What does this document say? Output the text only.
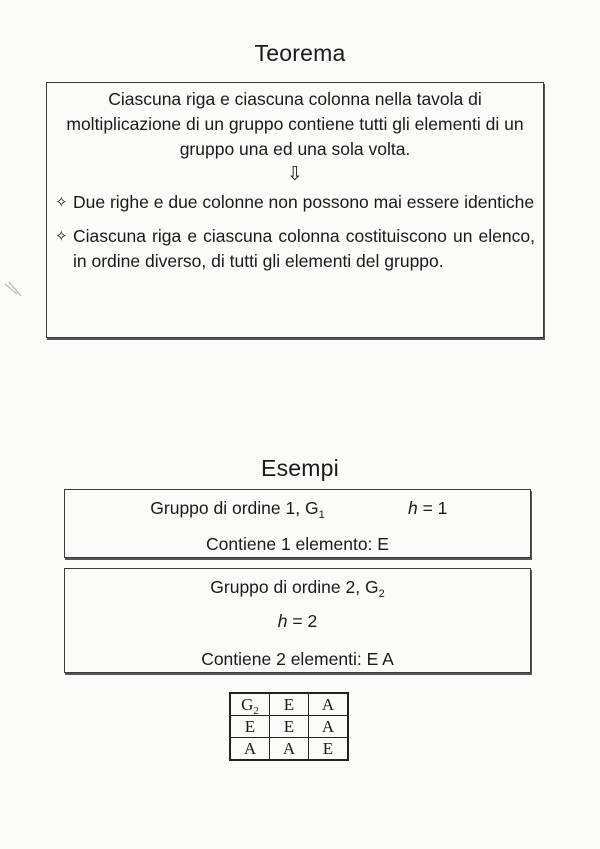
Teorema
Ciascuna riga e ciascuna colonna nella tavola di moltiplicazione di un gruppo contiene tutti gli elementi di un gruppo una ed una sola volta.
⇩
✧ Due righe e due colonne non possono mai essere identiche
✧ Ciascuna riga e ciascuna colonna costituiscono un elenco, in ordine diverso, di tutti gli elementi del gruppo.
Esempi
Gruppo di ordine 1, $G_1$	h = 1
Contiene 1 elemento: E
Gruppo di ordine 2, $G_2$
h = 2
Contiene 2 elementi: E A
$G_2$	E	A
E	E	A
A	A	E
